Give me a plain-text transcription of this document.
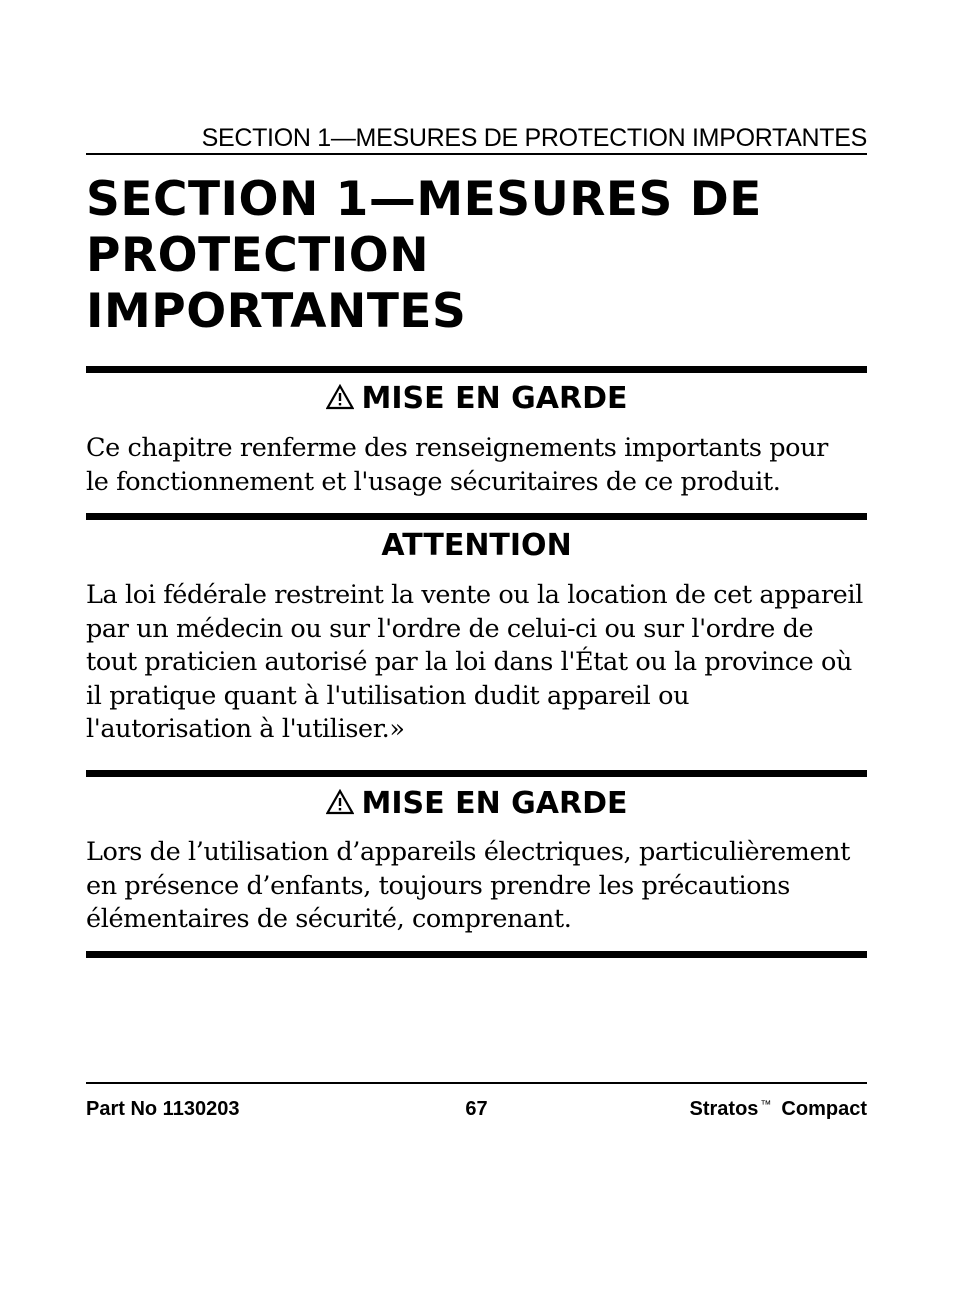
SECTION 1—MESURES DE PROTECTION IMPORTANTES
SECTION 1—MESURES DE
PROTECTION
IMPORTANTES
MISE EN GARDE

Ce chapitre renferme des renseignements importants pour
le fonctionnement et l'usage sécuritaires de ce produit.

ATTENTION

La loi fédérale restreint la vente ou la location de cet appareil
par un médecin ou sur l'ordre de celui-ci ou sur l'ordre de
tout praticien autorisé par la loi dans l'État ou la province où
il pratique quant à l'utilisation dudit appareil ou
l'autorisation à l'utiliser.»

MISE EN GARDE

Lors de l’utilisation d’appareils électriques, particulièrement
en présence d’enfants, toujours prendre les précautions
élémentaires de sécurité, comprenant.

Part No 1130203	67	Stratos ™ Compact
